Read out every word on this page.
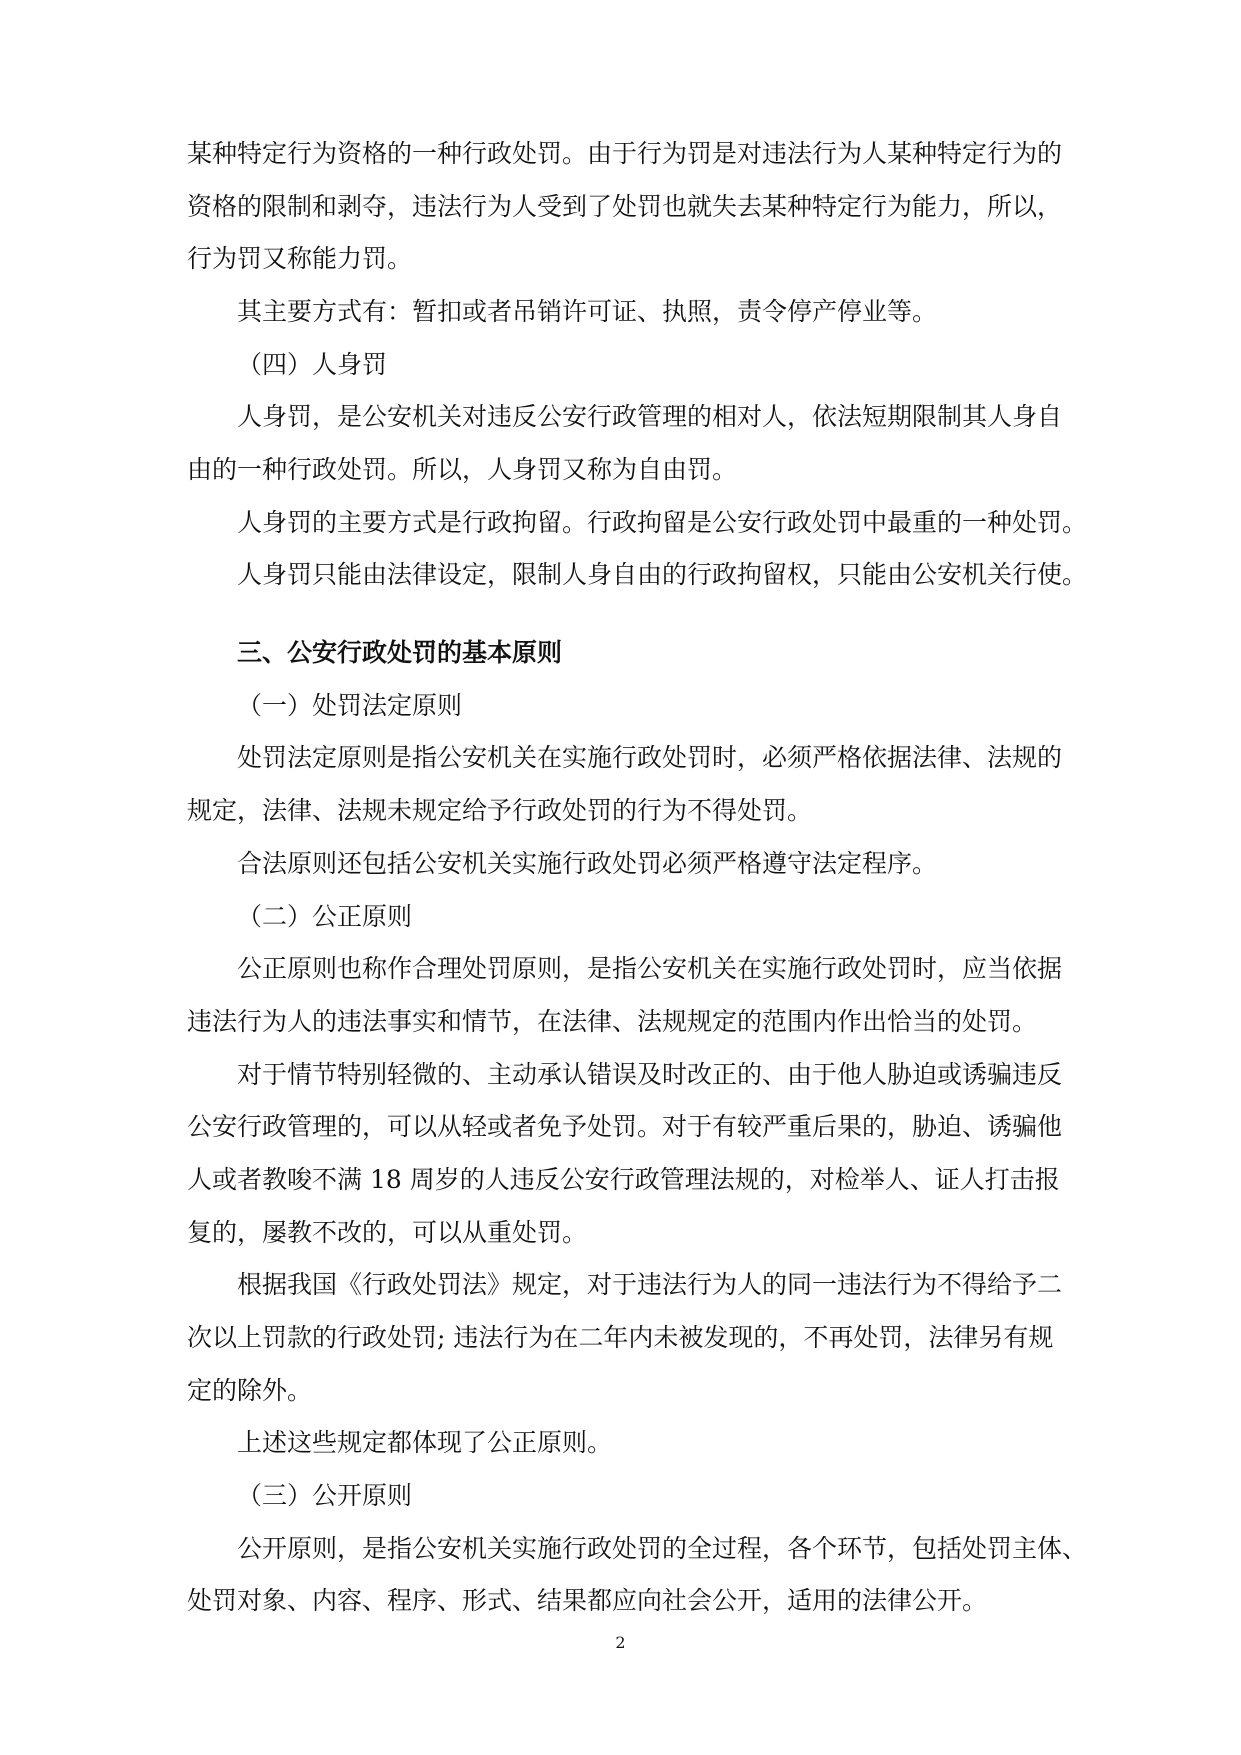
某种特定行为资格的一种行政处罚。由于行为罚是对违法行为人某种特定行为的
资格的限制和剥夺，违法行为人受到了处罚也就失去某种特定行为能力，所以，
行为罚又称能力罚。
其主要方式有：暂扣或者吊销许可证、执照，责令停产停业等。
（四）人身罚
人身罚，是公安机关对违反公安行政管理的相对人，依法短期限制其人身自
由的一种行政处罚。所以，人身罚又称为自由罚。
人身罚的主要方式是行政拘留。行政拘留是公安行政处罚中最重的一种处罚。
人身罚只能由法律设定，限制人身自由的行政拘留权，只能由公安机关行使。
三、公安行政处罚的基本原则
（一）处罚法定原则
处罚法定原则是指公安机关在实施行政处罚时，必须严格依据法律、法规的
规定，法律、法规未规定给予行政处罚的行为不得处罚。
合法原则还包括公安机关实施行政处罚必须严格遵守法定程序。
（二）公正原则
公正原则也称作合理处罚原则，是指公安机关在实施行政处罚时，应当依据
违法行为人的违法事实和情节，在法律、法规规定的范围内作出恰当的处罚。
对于情节特别轻微的、主动承认错误及时改正的、由于他人胁迫或诱骗违反
公安行政管理的，可以从轻或者免予处罚。对于有较严重后果的，胁迫、诱骗他
人或者教唆不满 18 周岁的人违反公安行政管理法规的，对检举人、证人打击报
复的，屡教不改的，可以从重处罚。
根据我国《行政处罚法》规定，对于违法行为人的同一违法行为不得给予二
次以上罚款的行政处罚; 违法行为在二年内未被发现的，不再处罚，法律另有规
定的除外。
上述这些规定都体现了公正原则。
（三）公开原则
公开原则，是指公安机关实施行政处罚的全过程，各个环节，包括处罚主体、
处罚对象、内容、程序、形式、结果都应向社会公开，适用的法律公开。
2
